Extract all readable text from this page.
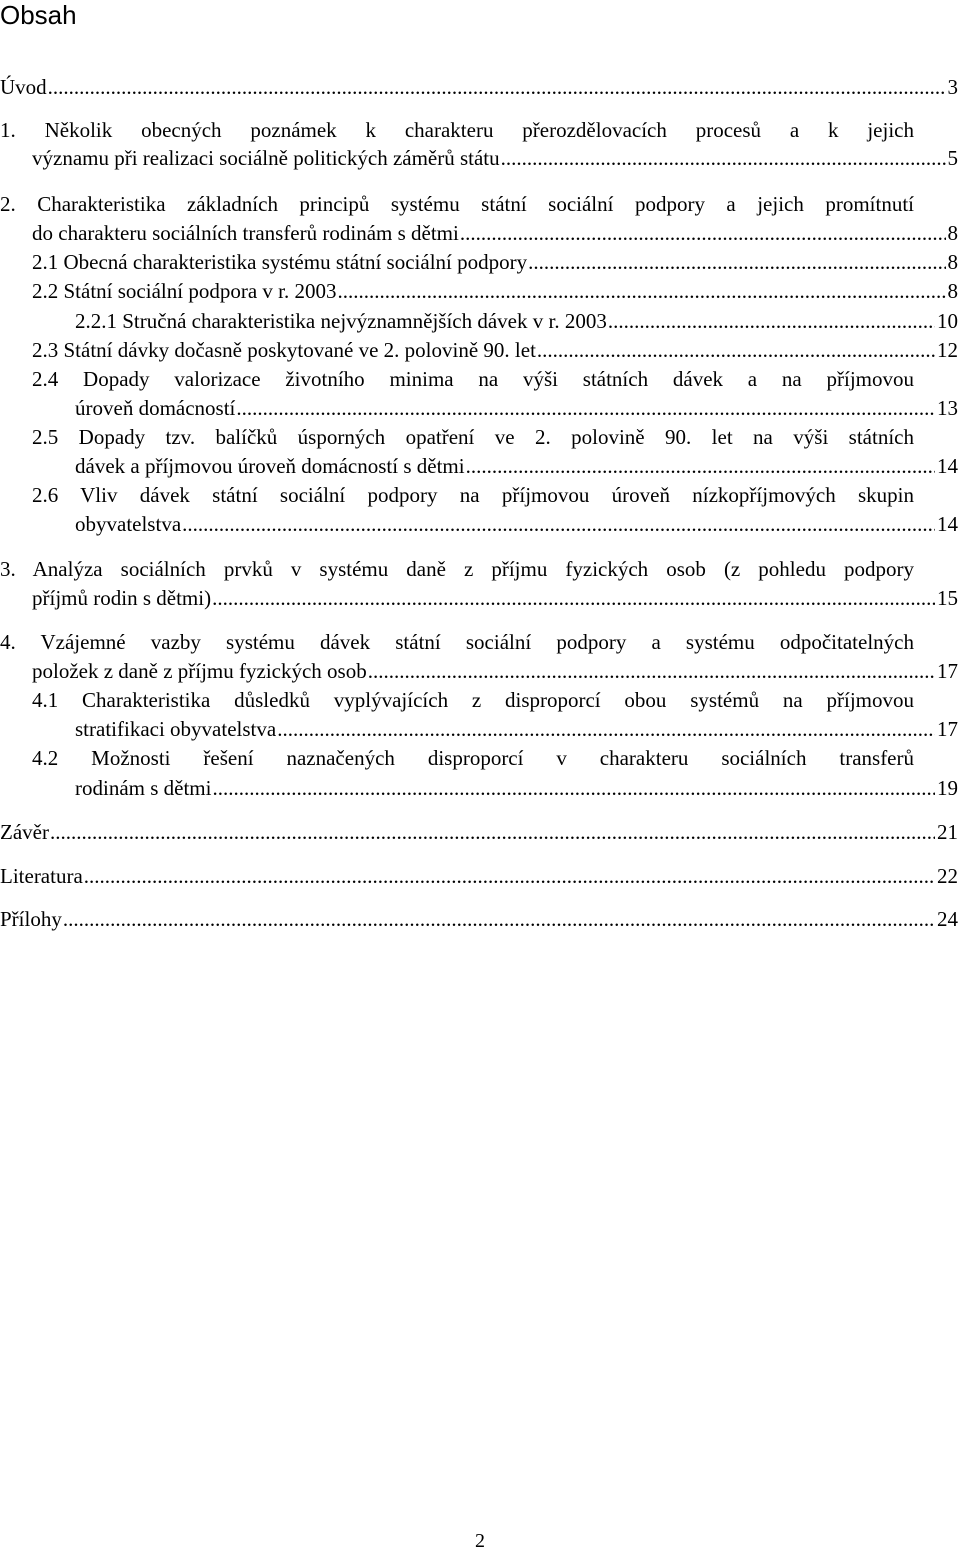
Obsah
Úvod .....	3
1. Několik obecných poznámek k charakteru přerozdělovacích procesů a k jejich
významu při realizaci sociálně politických záměrů státu .....	5
2. Charakteristika základních principů systému státní sociální podpory a jejich promítnutí
do charakteru sociálních transferů rodinám s dětmi .....	8
2.1 Obecná charakteristika systému státní sociální podpory .....	8
2.2 Státní sociální podpora v r. 2003 .....	8
2.2.1 Stručná charakteristika nejvýznamnějších dávek v r. 2003 .....	10
2.3 Státní dávky dočasně poskytované ve 2. polovině 90. let .....	12
2.4 Dopady valorizace životního minima na výši státních dávek a na příjmovou
úroveň domácností .....	13
2.5 Dopady tzv. balíčků úsporných opatření ve 2. polovině 90. let na výši státních
dávek a příjmovou úroveň domácností s dětmi .....	14
2.6 Vliv dávek státní sociální podpory na příjmovou úroveň nízkopříjmových skupin
obyvatelstva .....	14
3. Analýza sociálních prvků v systému daně z příjmu fyzických osob (z pohledu podpory
příjmů rodin s dětmi) .....	15
4. Vzájemné vazby systému dávek státní sociální podpory a systému odpočitatelných
položek z daně z příjmu fyzických osob .....	17
4.1 Charakteristika důsledků vyplývajících z disproporcí obou systémů na příjmovou
stratifikaci obyvatelstva .....	17
4.2 Možnosti řešení naznačených disproporcí v charakteru sociálních transferů
rodinám s dětmi .....	19
Závěr .....	21
Literatura .....	22
Přílohy .....	24
2
